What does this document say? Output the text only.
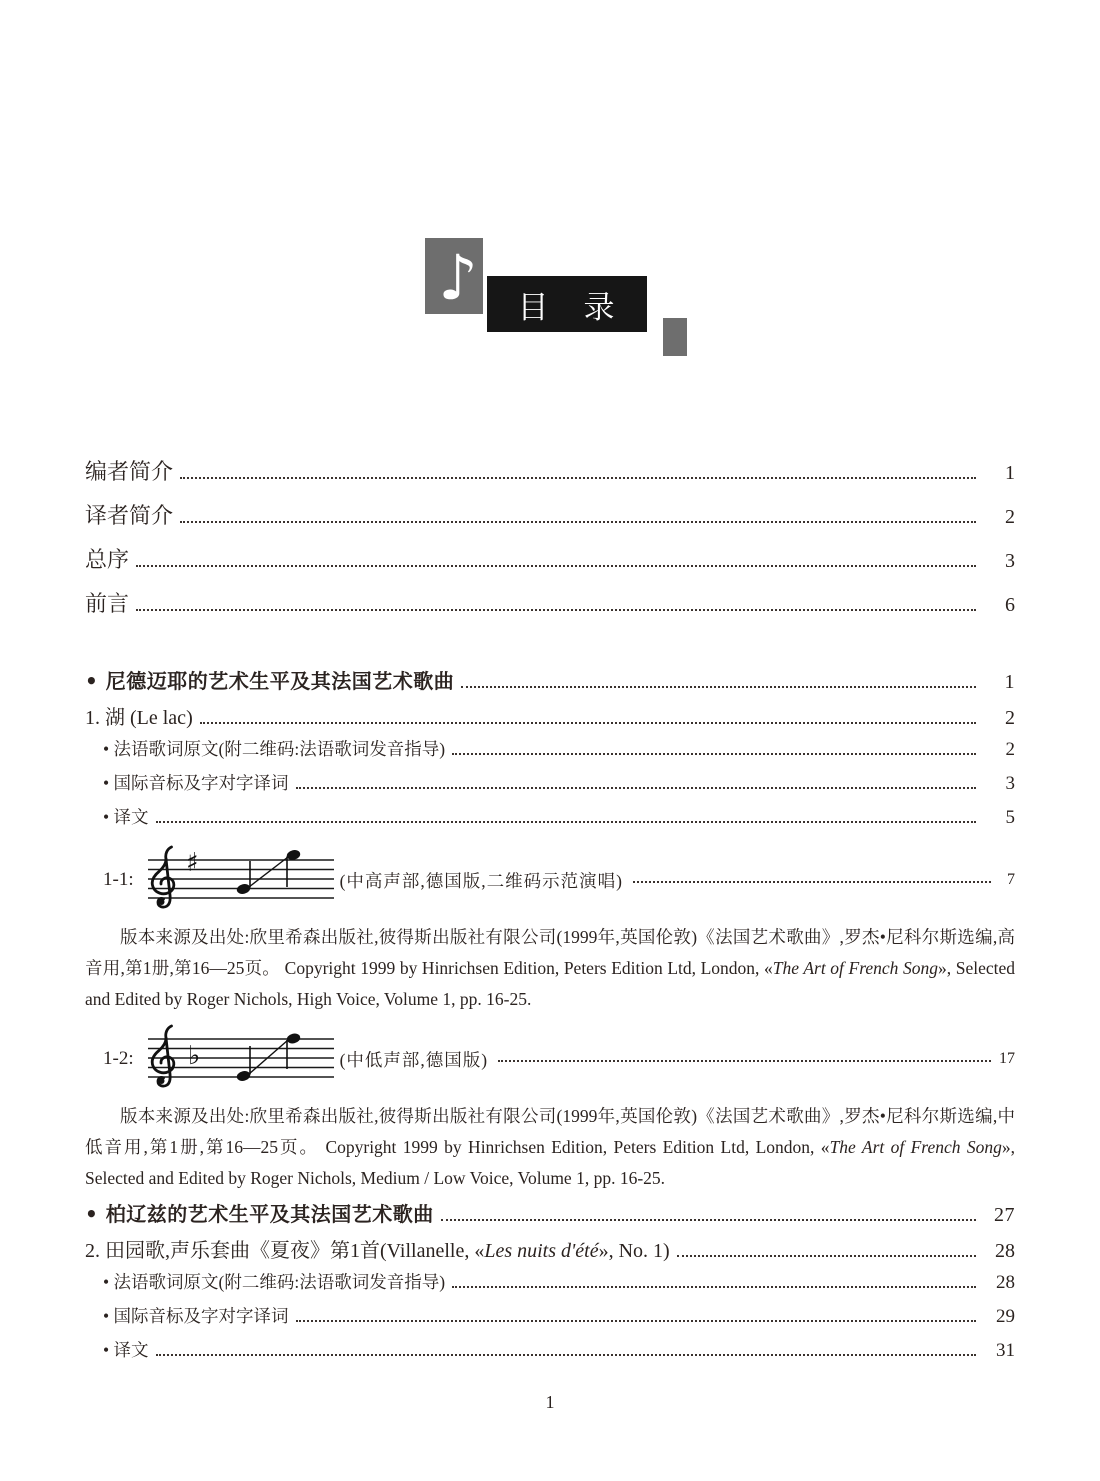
♪ 目　录
编者简介	1
译者简介	2
总序	3
前言	6
• 尼德迈耶的艺术生平及其法国艺术歌曲	1
1. 湖 (Le lac)	2
• 法语歌词原文(附二维码:法语歌词发音指导)	2
• 国际音标及字对字译词	3
• 译文	5
1-1:
♯
(中高声部,德国版,二维码示范演唱)	7

版本来源及出处:欣里希森出版社,彼得斯出版社有限公司(1999年,英国伦敦)《法国艺术歌曲》,罗杰•尼科尔斯选编,高音用,第1册,第16—25页。 Copyright 1999 by Hinrichsen Edition, Peters Edition Ltd, London, «The Art of French Song», Selected and Edited by Roger Nichols, High Voice, Volume 1, pp. 16-25.

1-2: ♭	(中低声部,德国版)	17

版本来源及出处:欣里希森出版社,彼得斯出版社有限公司(1999年,英国伦敦)《法国艺术歌曲》,罗杰•尼科尔斯选编,中低音用,第1册,第16—25页。 Copyright 1999 by Hinrichsen Edition, Peters Edition Ltd, London, «The Art of French Song», Selected and Edited by Roger Nichols, Medium / Low Voice, Volume 1, pp. 16-25.

• 柏辽兹的艺术生平及其法国艺术歌曲	27
2. 田园歌,声乐套曲《夏夜》第1首(Villanelle, «Les nuits d'été», No. 1)	28
• 法语歌词原文(附二维码:法语歌词发音指导)	28
• 国际音标及字对字译词	29
• 译文	31
1
